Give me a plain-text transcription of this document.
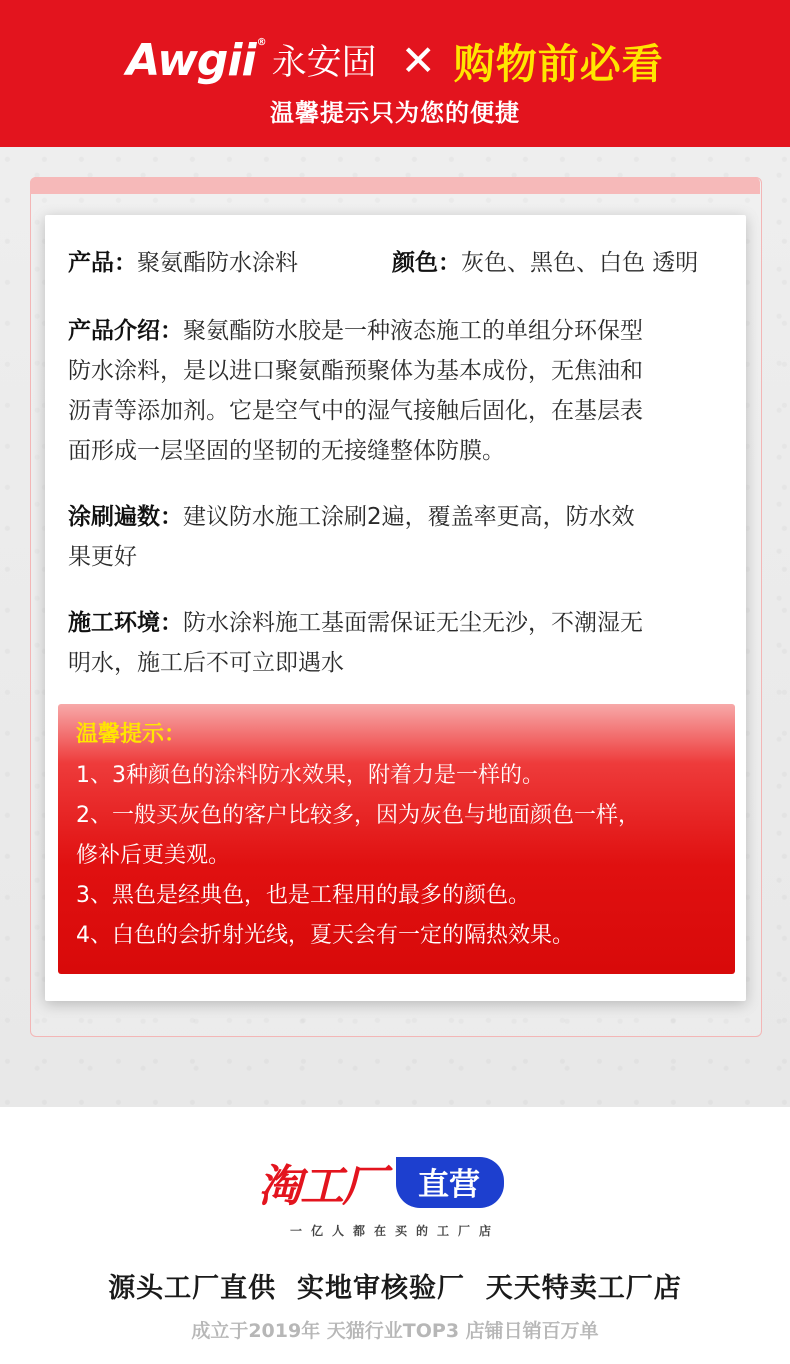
Awgii ®
永安固 ✕ 购物前必看
温馨提示只为您的便捷
产品：聚氨酯防水涂料	颜色：灰色、黑色、白色 透明
产品介绍：聚氨酯防水胶是一种液态施工的单组分环保型
防水涂料，是以进口聚氨酯预聚体为基本成份，无焦油和
沥青等添加剂。它是空气中的湿气接触后固化，在基层表
面形成一层坚固的坚韧的无接缝整体防膜。
涂刷遍数：建议防水施工涂刷2遍，覆盖率更高，防水效
果更好
施工环境：防水涂料施工基面需保证无尘无沙，不潮湿无
明水，施工后不可立即遇水
温馨提示：
1、3种颜色的涂料防水效果，附着力是一样的。
2、一般买灰色的客户比较多，因为灰色与地面颜色一样，
修补后更美观。
3、黑色是经典色，也是工程用的最多的颜色。
4、白色的会折射光线，夏天会有一定的隔热效果。
淘工厂	直营
一亿人都在买的工厂店
源头工厂直供  实地审核验厂  天天特卖工厂店
成立于2019年 天猫行业TOP3 店铺日销百万单
